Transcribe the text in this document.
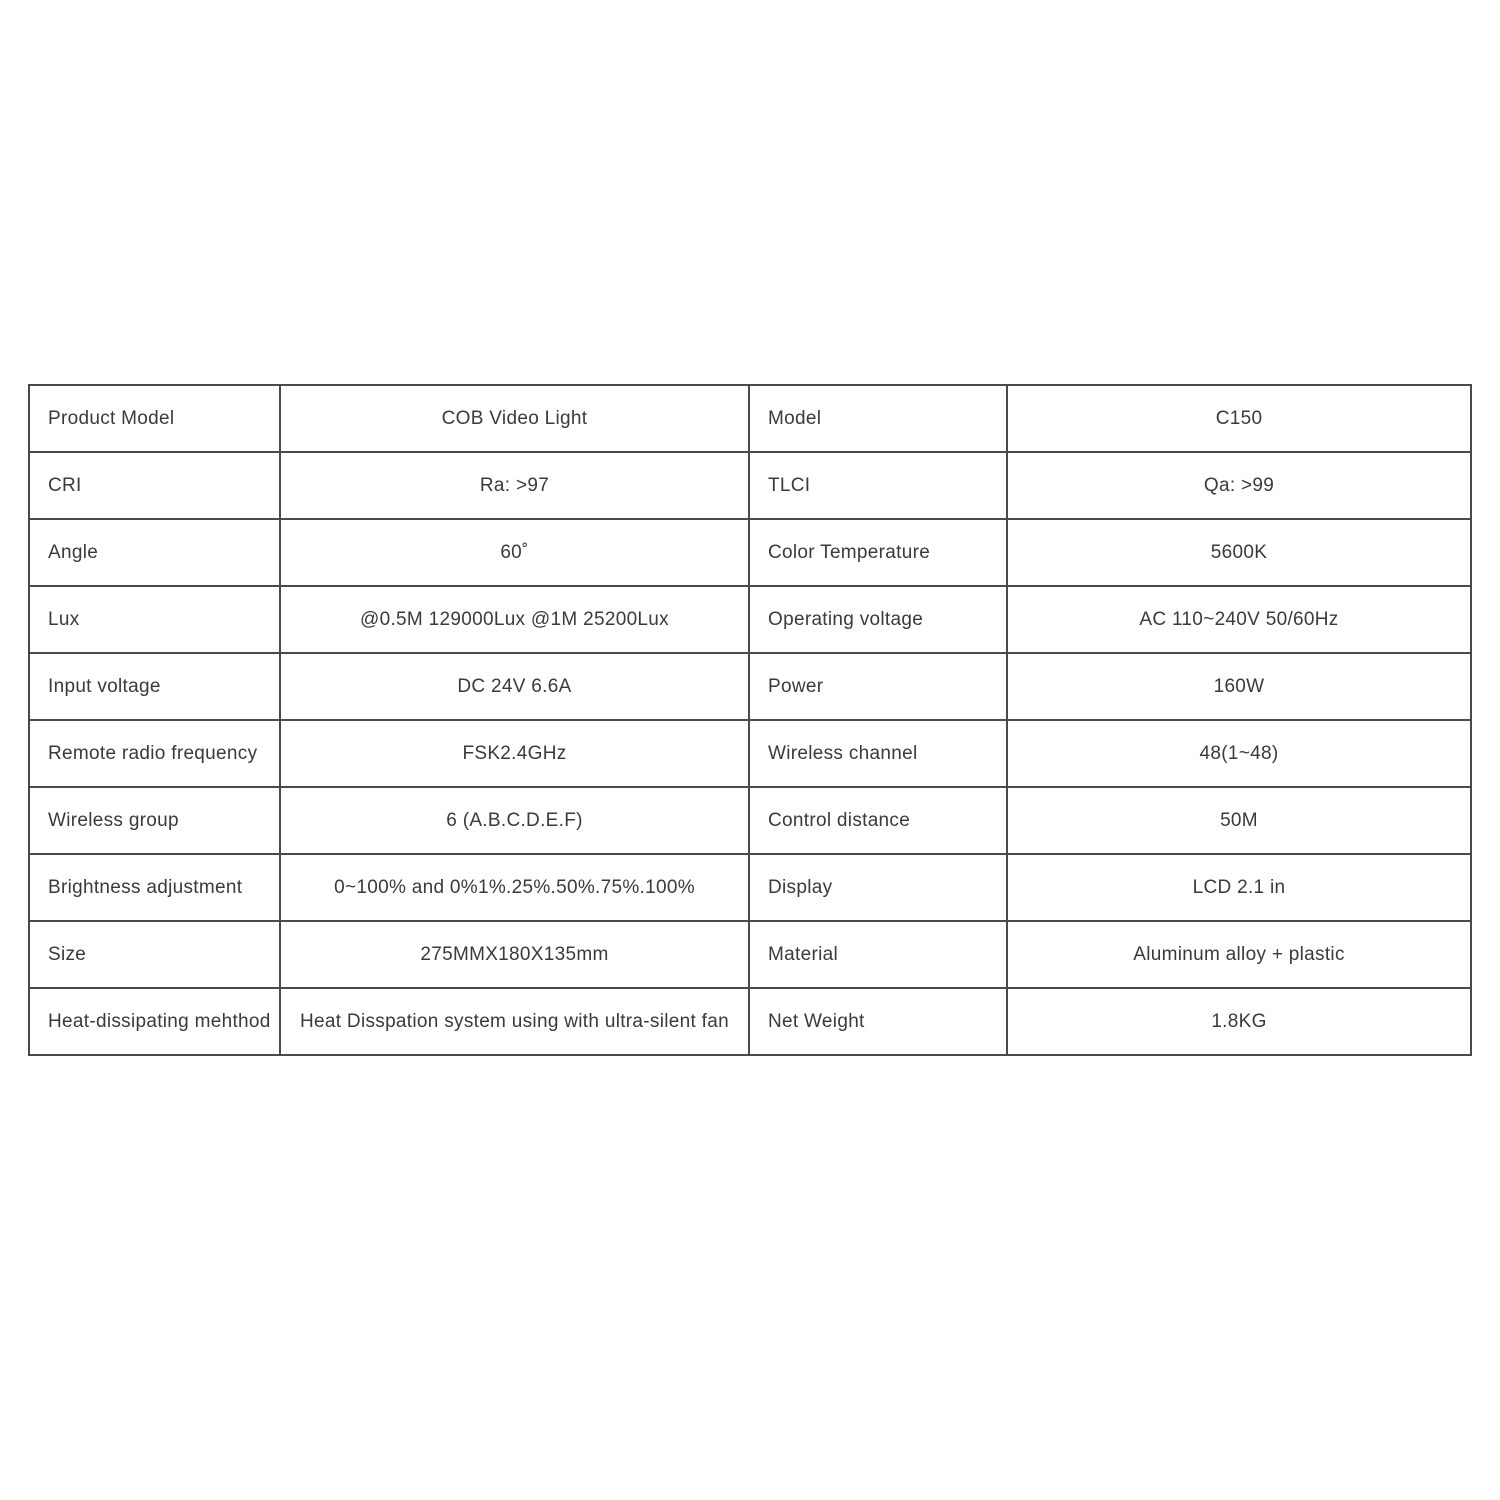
Product Model	COB Video Light	Model	C150
CRI	Ra: >97	TLCI	Qa: >99
Angle	60˚	Color Temperature	5600K
Lux	@0.5M 129000Lux @1M 25200Lux	Operating voltage	AC 110~240V 50/60Hz
Input voltage	DC 24V 6.6A	Power	160W
Remote radio frequency	FSK2.4GHz	Wireless channel	48(1~48)
Wireless group	6 (A.B.C.D.E.F)	Control distance	50M
Brightness adjustment	0~100% and 0%1%.25%.50%.75%.100%	Display	LCD 2.1 in
Size	275MMX180X135mm	Material	Aluminum alloy + plastic
Heat-dissipating mehthod	Heat Disspation system using with ultra-silent fan	Net Weight	1.8KG
